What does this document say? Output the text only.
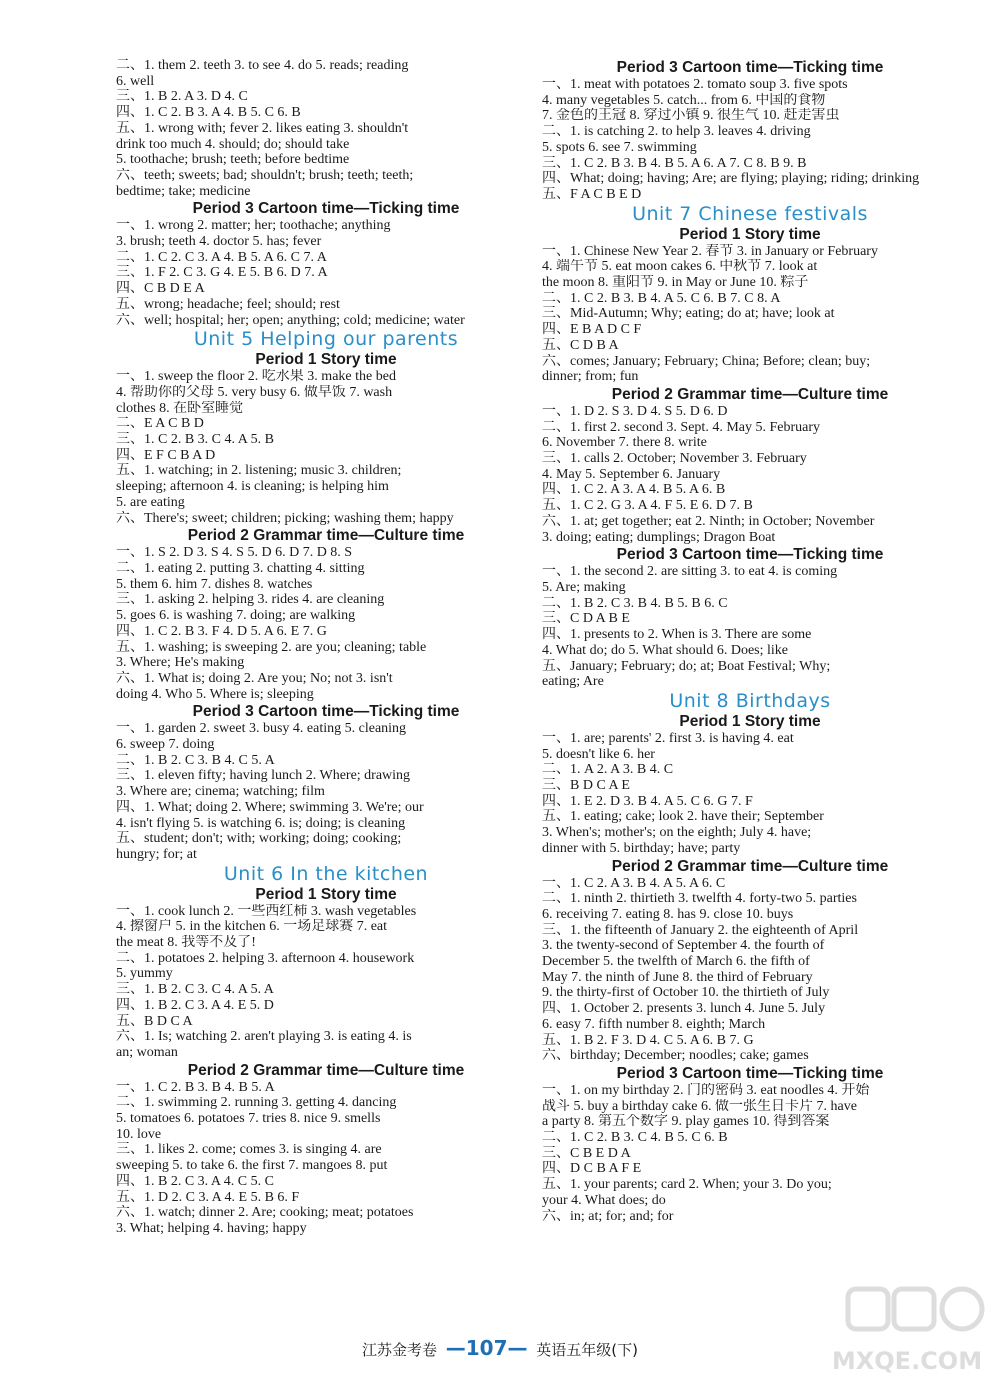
二、1. them 2. teeth 3. to see 4. do 5. reads; reading
6. well
三、1. B 2. A 3. D 4. C
四、1. C 2. B 3. A 4. B 5. C 6. B
五、1. wrong with; fever 2. likes eating 3. shouldn't
drink too much 4. should; do; should take
5. toothache; brush; teeth; before bedtime
六、teeth; sweets; bad; shouldn't; brush; teeth; teeth;
bedtime; take; medicine
Period 3 Cartoon time—Ticking time
一、1. wrong 2. matter; her; toothache; anything
3. brush; teeth 4. doctor 5. has; fever
二、1. C 2. C 3. A 4. B 5. A 6. C 7. A
三、1. F 2. C 3. G 4. E 5. B 6. D 7. A
四、C B D E A
五、wrong; headache; feel; should; rest
六、well; hospital; her; open; anything; cold; medicine; water
Unit 5 Helping our parents
Period 1 Story time
一、1. sweep the floor 2. 吃水果 3. make the bed
4. 帮助你的父母 5. very busy 6. 做早饭 7. wash
clothes 8. 在卧室睡觉
二、E A C B D
三、1. C 2. B 3. C 4. A 5. B
四、E F C B A D
五、1. watching; in 2. listening; music 3. children;
sleeping; afternoon 4. is cleaning; is helping him
5. are eating
六、There's; sweet; children; picking; washing them; happy
Period 2 Grammar time—Culture time
一、1. S 2. D 3. S 4. S 5. D 6. D 7. D 8. S
二、1. eating 2. putting 3. chatting 4. sitting
5. them 6. him 7. dishes 8. watches
三、1. asking 2. helping 3. rides 4. are cleaning
5. goes 6. is washing 7. doing; are walking
四、1. C 2. B 3. F 4. D 5. A 6. E 7. G
五、1. washing; is sweeping 2. are you; cleaning; table
3. Where; He's making
六、1. What is; doing 2. Are you; No; not 3. isn't
doing 4. Who 5. Where is; sleeping
Period 3 Cartoon time—Ticking time
一、1. garden 2. sweet 3. busy 4. eating 5. cleaning
6. sweep 7. doing
二、1. B 2. C 3. B 4. C 5. A
三、1. eleven fifty; having lunch 2. Where; drawing
3. Where are; cinema; watching; film
四、1. What; doing 2. Where; swimming 3. We're; our
4. isn't flying 5. is watching 6. is; doing; is cleaning
五、student; don't; with; working; doing; cooking;
hungry; for; at
Unit 6 In the kitchen
Period 1 Story time
一、1. cook lunch 2. 一些西红柿 3. wash vegetables
4. 擦窗户 5. in the kitchen 6. 一场足球赛 7. eat
the meat 8. 我等不及了!
二、1. potatoes 2. helping 3. afternoon 4. housework
5. yummy
三、1. B 2. C 3. C 4. A 5. A
四、1. B 2. C 3. A 4. E 5. D
五、B D C A
六、1. Is; watching 2. aren't playing 3. is eating 4. is
an; woman
Period 2 Grammar time—Culture time
一、1. C 2. B 3. B 4. B 5. A
二、1. swimming 2. running 3. getting 4. dancing
5. tomatoes 6. potatoes 7. tries 8. nice 9. smells
10. love
三、1. likes 2. come; comes 3. is singing 4. are
sweeping 5. to take 6. the first 7. mangoes 8. put
四、1. B 2. C 3. A 4. C 5. C
五、1. D 2. C 3. A 4. E 5. B 6. F
六、1. watch; dinner 2. Are; cooking; meat; potatoes
3. What; helping 4. having; happy
Period 3 Cartoon time—Ticking time
一、1. meat with potatoes 2. tomato soup 3. five spots
4. many vegetables 5. catch... from 6. 中国的食物
7. 金色的王冠 8. 穿过小镇 9. 很生气 10. 赶走害虫
二、1. is catching 2. to help 3. leaves 4. driving
5. spots 6. see 7. swimming
三、1. C 2. B 3. B 4. B 5. A 6. A 7. C 8. B 9. B
四、What; doing; having; Are; are flying; playing; riding; drinking
五、F A C B E D
Unit 7 Chinese festivals
Period 1 Story time
一、1. Chinese New Year 2. 春节 3. in January or February
4. 端午节 5. eat moon cakes 6. 中秋节 7. look at
the moon 8. 重阳节 9. in May or June 10. 粽子
二、1. C 2. B 3. B 4. A 5. C 6. B 7. C 8. A
三、Mid-Autumn; Why; eating; do at; have; look at
四、E B A D C F
五、C D B A
六、comes; January; February; China; Before; clean; buy;
dinner; from; fun
Period 2 Grammar time—Culture time
一、1. D 2. S 3. D 4. S 5. D 6. D
二、1. first 2. second 3. Sept. 4. May 5. February
6. November 7. there 8. write
三、1. calls 2. October; November 3. February
4. May 5. September 6. January
四、1. C 2. A 3. A 4. B 5. A 6. B
五、1. C 2. G 3. A 4. F 5. E 6. D 7. B
六、1. at; get together; eat 2. Ninth; in October; November
3. doing; eating; dumplings; Dragon Boat
Period 3 Cartoon time—Ticking time
一、1. the second 2. are sitting 3. to eat 4. is coming
5. Are; making
二、1. B 2. C 3. B 4. B 5. B 6. C
三、C D A B E
四、1. presents to 2. When is 3. There are some
4. What do; do 5. What should 6. Does; like
五、January; February; do; at; Boat Festival; Why;
eating; Are
Unit 8 Birthdays
Period 1 Story time
一、1. are; parents' 2. first 3. is having 4. eat
5. doesn't like 6. her
二、1. A 2. A 3. B 4. C
三、B D C A E
四、1. E 2. D 3. B 4. A 5. C 6. G 7. F
五、1. eating; cake; look 2. have their; September
3. When's; mother's; on the eighth; July 4. have;
dinner with 5. birthday; have; party
Period 2 Grammar time—Culture time
一、1. C 2. A 3. B 4. A 5. A 6. C
二、1. ninth 2. thirtieth 3. twelfth 4. forty-two 5. parties
6. receiving 7. eating 8. has 9. close 10. buys
三、1. the fifteenth of January 2. the eighteenth of April
3. the twenty-second of September 4. the fourth of
December 5. the twelfth of March 6. the fifth of
May 7. the ninth of June 8. the third of February
9. the thirty-first of October 10. the thirtieth of July
四、1. October 2. presents 3. lunch 4. June 5. July
6. easy 7. fifth number 8. eighth; March
五、1. B 2. F 3. D 4. C 5. A 6. B 7. G
六、birthday; December; noodles; cake; games
Period 3 Cartoon time—Ticking time
一、1. on my birthday 2. 门的密码 3. eat noodles 4. 开始
战斗 5. buy a birthday cake 6. 做一张生日卡片 7. have
a party 8. 第五个数字 9. play games 10. 得到答案
二、1. C 2. B 3. C 4. B 5. C 6. B
三、C B E D A
四、D C B A F E
五、1. your parents; card 2. When; your 3. Do you;
your 4. What does; do
六、in; at; for; and; for
江苏金考卷 —107— 英语五年级(下)	MXQE.COM
